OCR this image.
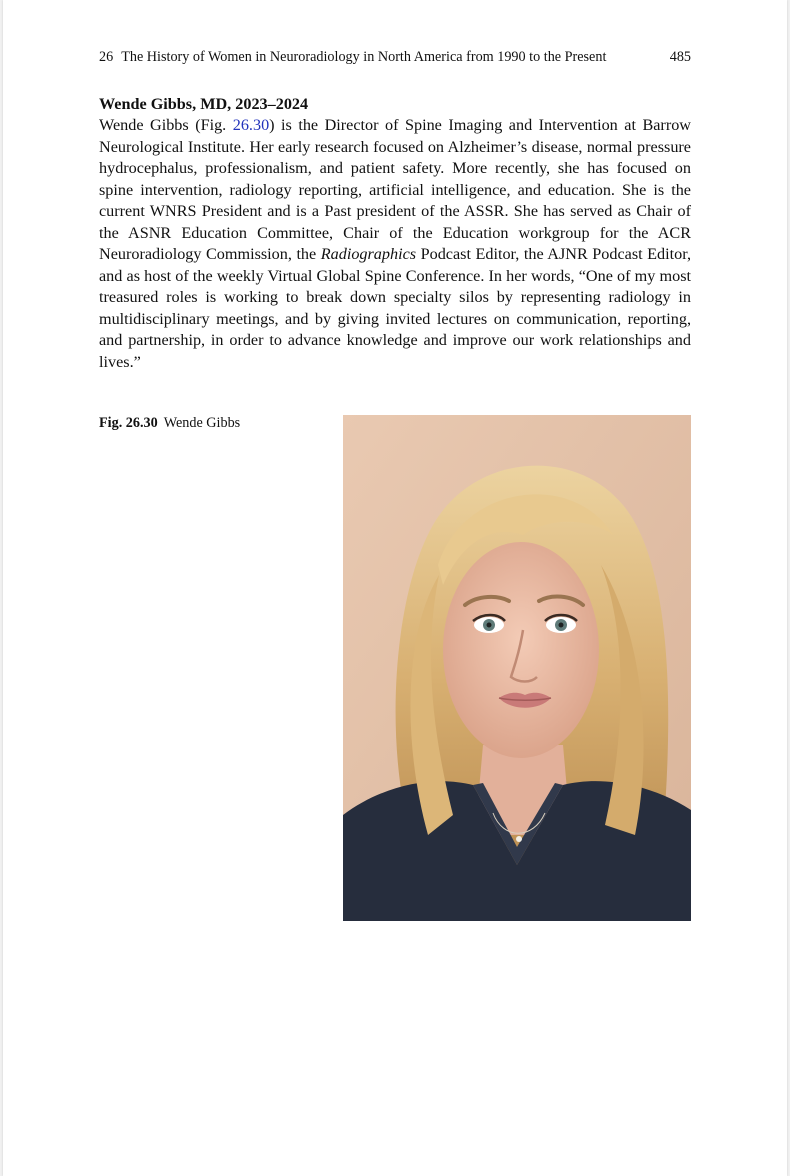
26 The History of Women in Neuroradiology in North America from 1990 to the Present	485
Wende Gibbs, MD, 2023–2024

Wende Gibbs (Fig. 26.30) is the Director of Spine Imaging and Intervention at Barrow Neurological Institute. Her early research focused on Alzheimer’s disease, normal pressure hydrocephalus, professionalism, and patient safety. More recently, she has focused on spine intervention, radiology reporting, artificial intelligence, and education. She is the current WNRS President and is a Past president of the ASSR. She has served as Chair of the ASNR Education Committee, Chair of the Education workgroup for the ACR Neuroradiology Commission, the Radiographics Podcast Editor, the AJNR Podcast Editor, and as host of the weekly Virtual Global Spine Conference. In her words, “One of my most treasured roles is working to break down specialty silos by representing radiology in multidisciplinary meetings, and by giving invited lectures on communication, reporting, and partnership, in order to advance knowledge and improve our work relationships and lives.”

Fig. 26.30 Wende Gibbs
